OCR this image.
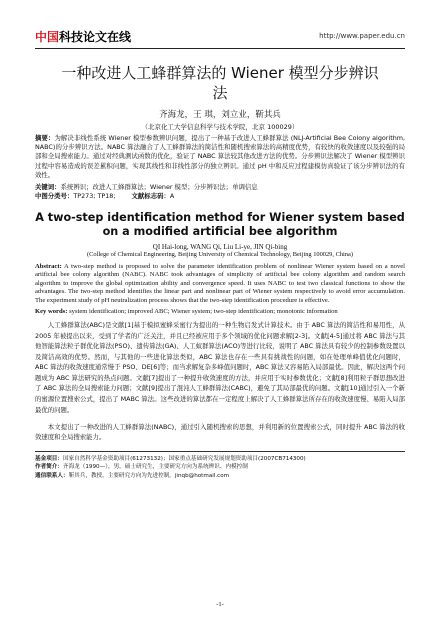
中国 科技论文在线	http://www.paper.edu.cn
一种改进人工蜂群算法的 Wiener 模型分步辨识法
齐海龙，王 琪，刘立业，靳其兵
（北京化工大学信息科学与技术学院，北京 100029）
摘要：为解决非线性系统 Wiener 模型参数辨识问题，提出了一种基于改进人工蜂群算法 (NLJ-Artificial Bee Colony algorithm, NABC)的分步辨识方法。NABC 算法融合了人工蜂群算法的简洁性和随机搜索算法的高精度优势，有较快的收敛速度以及较强的局部和全局搜索能力。通过对经典测试函数的优化，验证了 NABC 算法较其他改进方法的优势。分步辨识法解决了 Wiener 模型辨识过程中容易造成的误差累积问题，实现其线性和非线性部分的独立辨识。通过 pH 中和反应过程建模仿真验证了该分步辨识法的有效性。
关键词：系统辨识；改进人工蜂群算法；Wiener 模型；分步辨识法；单调信息
中图分类号：TP273; TP18;	文献标志码：A
A two-step identification method for Wiener system based on a modified artificial bee algorithm
QI Hai-long, WANG Qi, Liu Li-ye, JIN Qi-bing
(College of Chemical Engineering, Beijing University of Chemical Technology, Beijing 100029, China)
Abstract: A two-step method is proposed to solve the parameter identification problem of nonlinear Wiener system based on a novel artificial bee colony algorithm (NABC). NABC took advantages of simplicity of artificial bee colony algorithm and random search algorithm to improve the global optimization ability and convergence speed. It uses NABC to test two classical functions to show the advantages. The two-step method identifies the linear part and nonlinear part of Wiener system respectively to avoid error accumulation. The experiment study of pH neutralization process shows that the two-step identification procedure is effective.
Key words: system identification; improved ABC; Wiener system; two-step identification; monotonic information

人工蜂群算法(ABC)是文献[1]基于模拟蜜蜂采蜜行为提出的一种生物启发式计算技术。由于 ABC 算法的简洁性和易用性，从 2005 年被提出以来，受到了学者的广泛关注，并且已经被应用于多个领域的优化问题求解[2-3]。文献[4-5]通过将 ABC 算法与其他智能算法粒子群优化算法(PSO)、遗传算法(GA)、人工蚁群算法(ACO)等进行比较，说明了 ABC 算法具有较少的控制参数设置以及简洁高效的优势。然而，与其他的一些进化算法类似，ABC 算法也存在一些具有挑战性的问题，如在处理单峰值优化问题时，ABC 算法的收敛速度通常慢于 PSO、DE[6]等；而当求解复杂多峰值问题时，ABC 算法又容易陷入局部最优。因此，解决这两个问题成为 ABC 算法研究的热点问题。文献[7]提出了一种提升收敛速度的方法，并应用于实时参数优化；文献[8]利用粒子群思想改进了 ABC 算法的全局搜索能力问题；文献[9]提出了混沌人工蜂群算法(CABC)，避免了其局部最优的问题。文献[10]通过引入一个新的蜜源位置搜索公式，提出了 MABC 算法。这些改进的算法都在一定程度上解决了人工蜂群算法所存在的收敛速度慢、易陷入局部最优的问题。

本文提出了一种改进的人工蜂群算法(NABC)，通过引入随机搜索的思想，并利用新的位置搜索公式，同时提升 ABC 算法的收敛速度和全局搜索能力。

基金项目：国家自然科学基金资助项目(61273132)；国家重点基础研究发展规划资助项目(2007CB714300)
作者简介：齐海龙（1990—），男，硕士研究生，主要研究方向为系统辨识、内模控制
通信联系人：靳其兵，教授，主要研究方向为先进控制。jinqb@hotmail.com
-1-
